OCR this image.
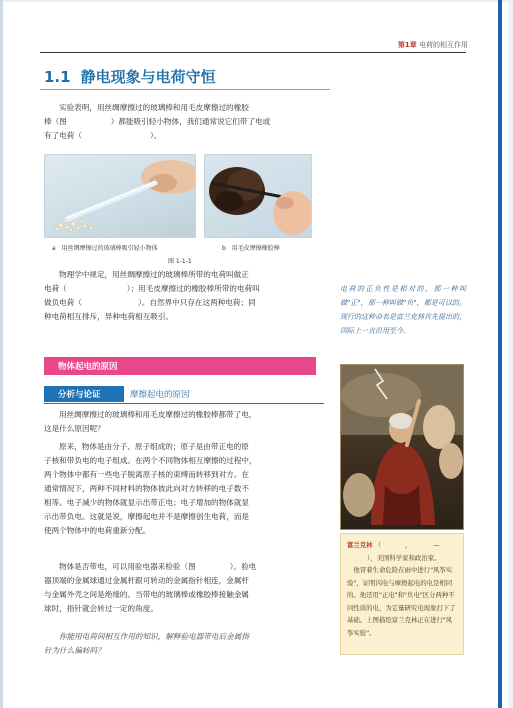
第1章 电荷的相互作用
1.1 静电现象与电荷守恒
实验表明，用丝绸摩擦过的玻璃棒和用毛皮摩擦过的橡胶
棒（图	）都能吸引轻小物体，我们通常说它们带了电或
有了电荷（	）。
a　用丝绸摩擦过的玻璃棒吸引轻小物体	b　用毛皮摩擦橡胶棒
图 1-1-1
物理学中规定，用丝绸摩擦过的玻璃棒所带的电荷叫做正
电荷（	）；用毛皮摩擦过的橡胶棒所带的电荷叫
做负电荷（	）。自然界中只存在这两种电荷；同
种电荷相互排斥，异种电荷相互吸引。
电荷的正负性是相对的，那一种叫做"正"，那一种叫做"负"，都是可以的。现行的这种命名是富兰克林首先提出的，国际上一直沿用至今。
物体起电的原因
分析与论证	摩擦起电的原因
用丝绸摩擦过的玻璃棒和用毛皮摩擦过的橡胶棒都带了电，
这是什么原因呢？
原来，物体是由分子、原子组成的；原子是由带正电的原
子核和带负电的电子组成。在两个不同物体相互摩擦的过程中，
两个物体中都有一些电子脱离原子核的束缚而转移到对方。在
通常情况下，两种不同材料的物体彼此向对方转移的电子数不
相等。电子减少的物体就显示出带正电；电子增加的物体就显
示出带负电。这就是说，摩擦起电并不是摩擦创生电荷，而是
使两个物体中的电荷重新分配。
物体是否带电，可以用验电器来检验（图	）。验电
器顶端的金属球通过金属杆跟可转动的金属指针相连，金属杆
与金属外壳之间是绝缘的。当带电的玻璃棒或橡胶棒接触金属
球时，指针就会转过一定的角度。
你能用电荷间相互作用的知识，解释验电器带电后金属指
针为什么偏转吗？
富兰克林 （	，	—
），美国科学家和政治家。
　他冒着生命危险在雨中进行"风筝实验"，证明闪电与摩擦起电的电是相同的。他还用"正电"和"负电"区分两种不同性质的电，为定量研究电现象打下了基础。上图描绘富兰克林正在进行"风筝实验"。
